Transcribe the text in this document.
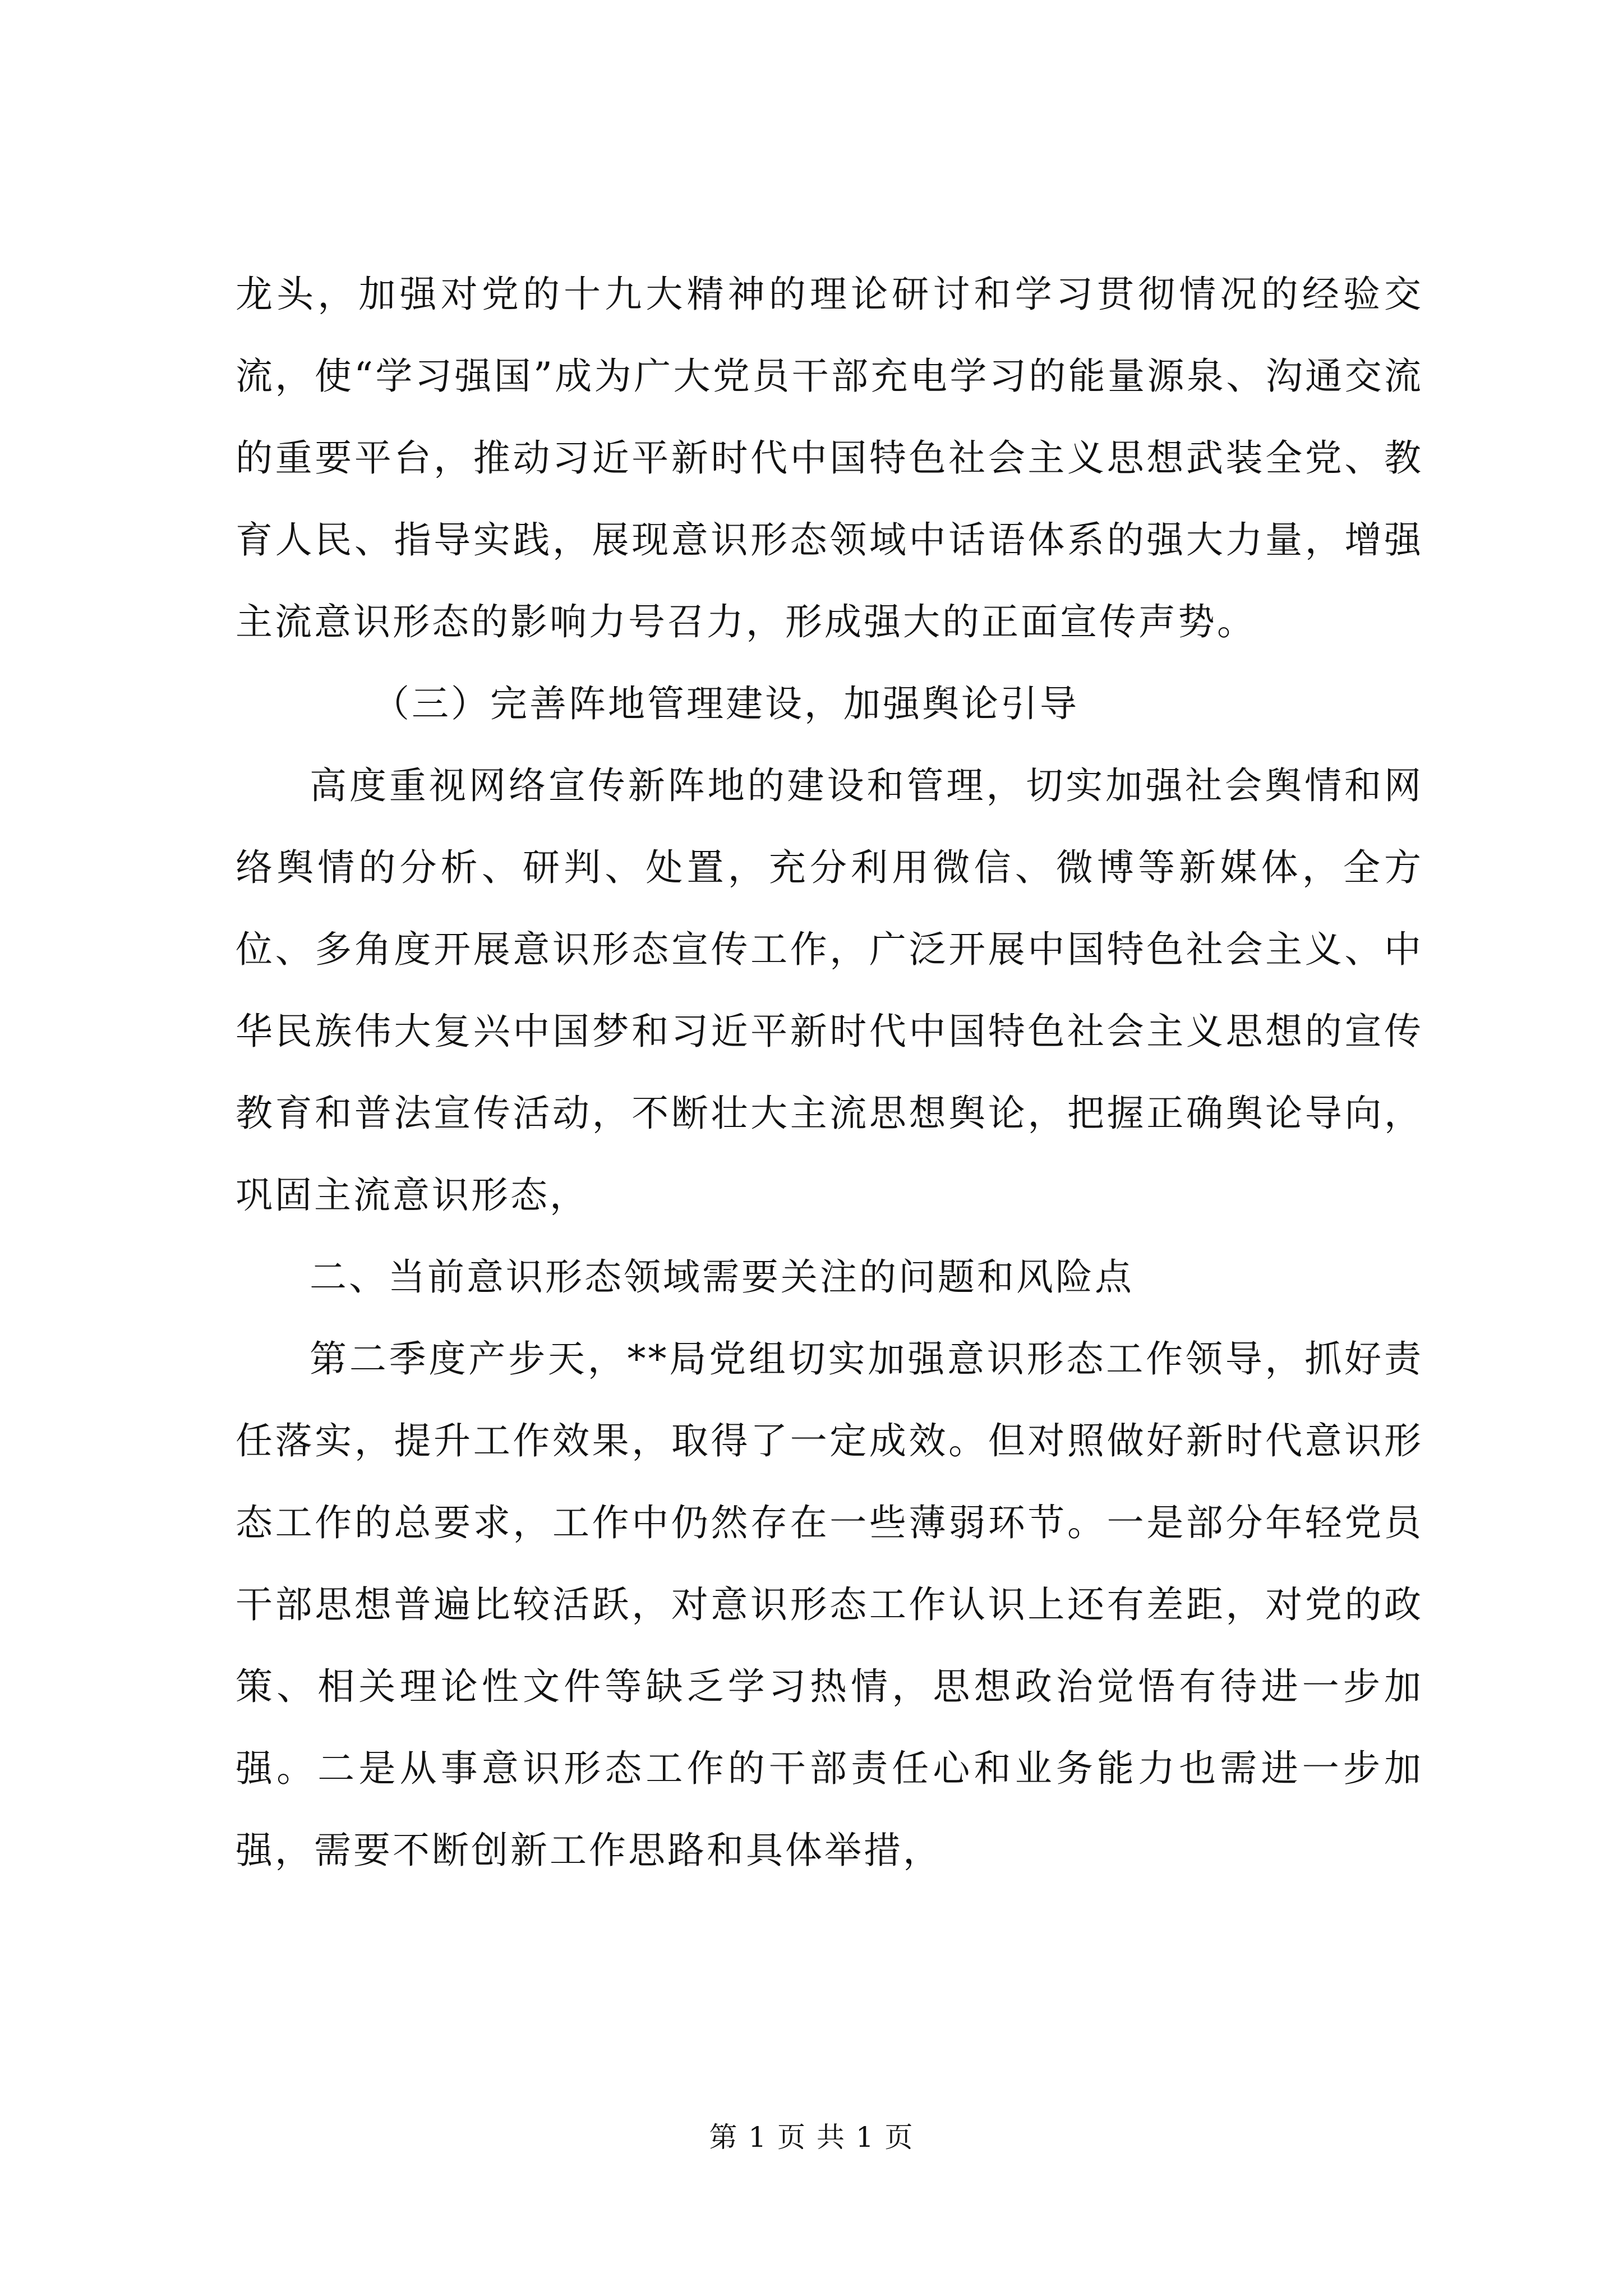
龙头，加强对党的十九大精神的理论研讨和学习贯彻情况的经验交流，使“学习强国”成为广大党员干部充电学习的能量源泉、沟通交流的重要平台，推动习近平新时代中国特色社会主义思想武装全党、教育人民、指导实践，展现意识形态领域中话语体系的强大力量，增强主流意识形态的影响力号召力，形成强大的正面宣传声势。

（三）完善阵地管理建设，加强舆论引导

高度重视网络宣传新阵地的建设和管理，切实加强社会舆情和网络舆情的分析、研判、处置，充分利用微信、微博等新媒体，全方位、多角度开展意识形态宣传工作，广泛开展中国特色社会主义、中华民族伟大复兴中国梦和习近平新时代中国特色社会主义思想的宣传教育和普法宣传活动，不断壮大主流思想舆论，把握正确舆论导向，巩固主流意识形态，

二、当前意识形态领域需要关注的问题和风险点

第二季度产步天，**局党组切实加强意识形态工作领导，抓好责任落实，提升工作效果，取得了一定成效。但对照做好新时代意识形态工作的总要求，工作中仍然存在一些薄弱环节。一是部分年轻党员干部思想普遍比较活跃，对意识形态工作认识上还有差距，对党的政策、相关理论性文件等缺乏学习热情，思想政治觉悟有待进一步加强。二是从事意识形态工作的干部责任心和业务能力也需进一步加强，需要不断创新工作思路和具体举措，

第 1 页 共 1 页
